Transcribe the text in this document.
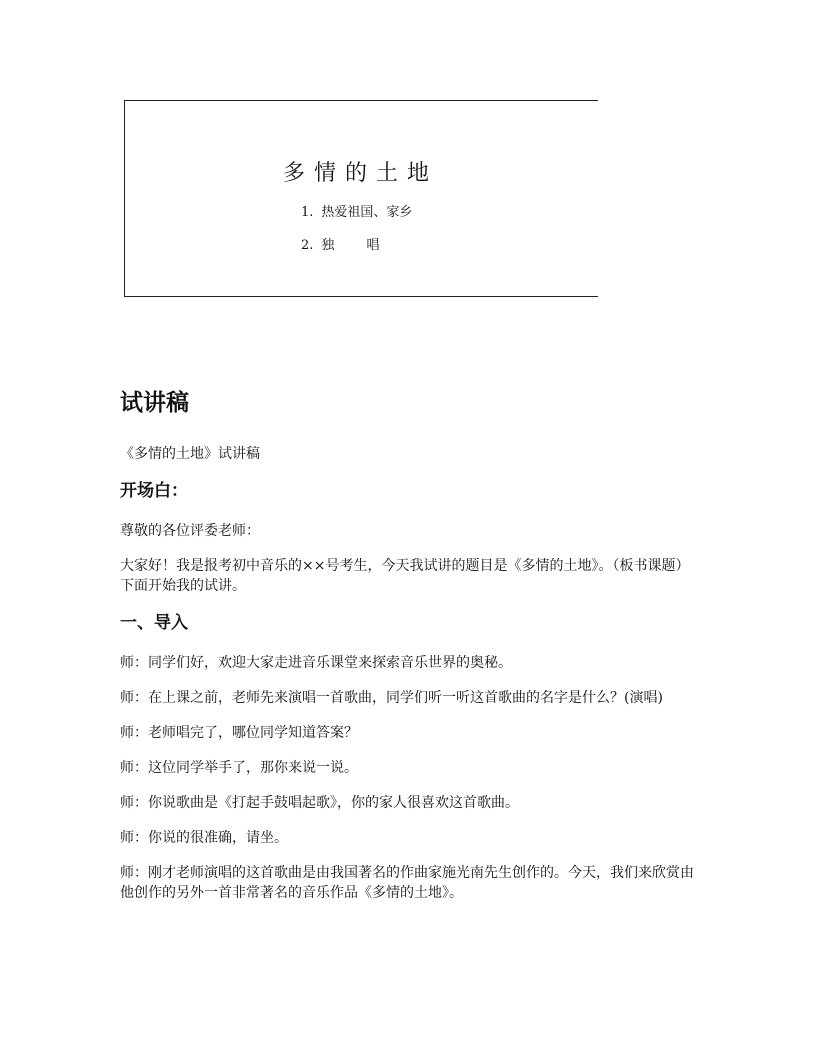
多情的土地
1. 热爱祖国、家乡
2. 独 唱
试讲稿

《多情的土地》试讲稿

开场白：

尊敬的各位评委老师：

大家好！我是报考初中音乐的××号考生，今天我试讲的题目是《多情的土地》。（板书课题）下面开始我的试讲。

一、导入

师：同学们好，欢迎大家走进音乐课堂来探索音乐世界的奥秘。

师：在上课之前，老师先来演唱一首歌曲，同学们听一听这首歌曲的名字是什么？(演唱)

师：老师唱完了，哪位同学知道答案？

师：这位同学举手了，那你来说一说。

师：你说歌曲是《打起手鼓唱起歌》，你的家人很喜欢这首歌曲。

师：你说的很准确，请坐。

师：刚才老师演唱的这首歌曲是由我国著名的作曲家施光南先生创作的。今天，我们来欣赏由他创作的另外一首非常著名的音乐作品《多情的土地》。
